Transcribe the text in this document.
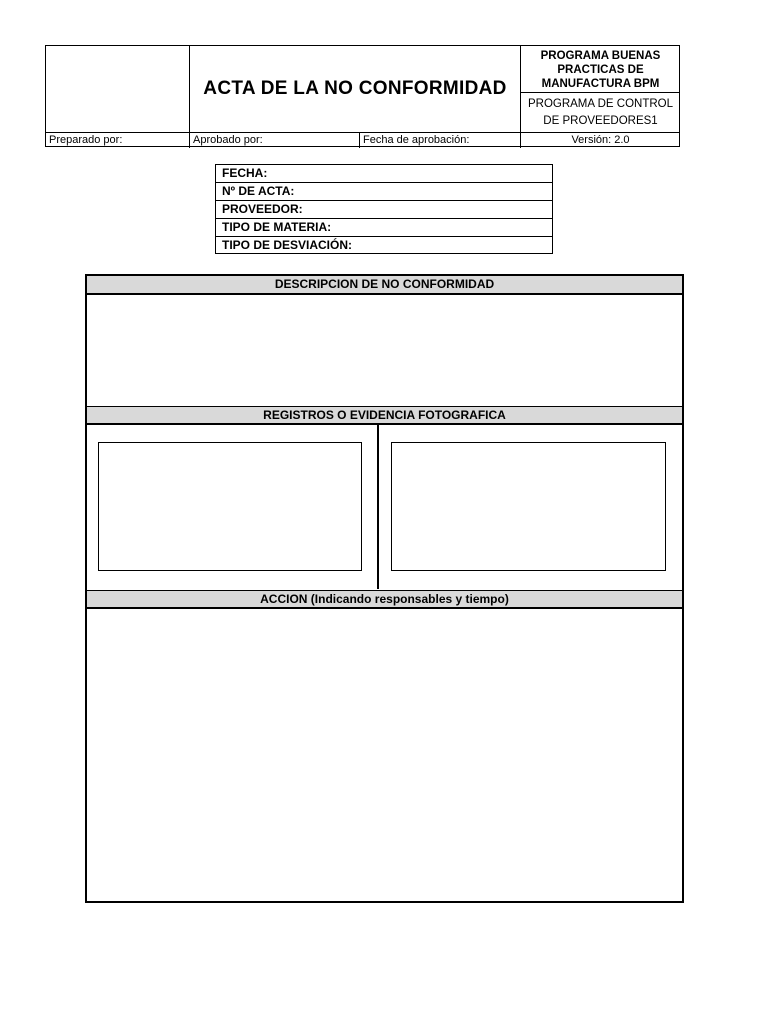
ACTA DE LA NO CONFORMIDAD
PROGRAMA BUENAS PRACTICAS DE MANUFACTURA BPM
PROGRAMA DE CONTROL DE PROVEEDORES1
Preparado por:	Aprobado por:	Fecha de aprobación:	Versión: 2.0
FECHA:
Nº DE ACTA:
PROVEEDOR:
TIPO DE MATERIA:
TIPO DE DESVIACIÓN:
DESCRIPCION DE NO CONFORMIDAD
REGISTROS O EVIDENCIA FOTOGRAFICA
ACCION (Indicando responsables y tiempo)
